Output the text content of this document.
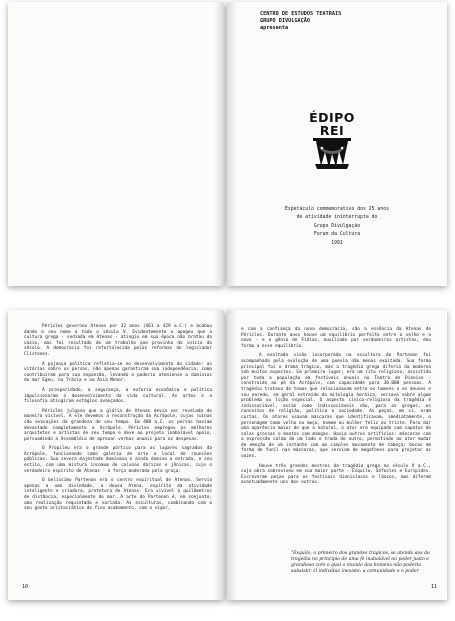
CENTRO DE ESTUDOS TEATRAIS
GRUPO DIVULGAÇÃO
apresenta
ÉDIPO
REI
Espetáculo commemorativo dos 25 anos
de atividade ininterrupta do
Grupo Divulgação
Forum da Cultura
1991

Péricles governou Atenas por 32 anos (461 a 429 a.C.) e acabou dando o seu nome a todo o século V. Evidentemente o apogeu que a cultura grega - sediada em Atenas - atingiu em sua época não brotou do vazio, mas foi resultado de um trabalho que provinha do início do século. A democracia foi refortalecida pelas reformas do legislador Clístenes.

A pujança política refletia-se no desenvolvimento da cidade: as vitórias sobre os persas, não apenas garantiram sua independência, como contribuíram para sua expansão, levando o poderio ateniense a domínios do mar Egeu, na Trácia e na Ásia Menor.

A prosperidade, a segurança, a euforia econômica e política impulsionaram o desenvolvimento da vida cultural. As artes e a filosofia atingiram estágios avançados.

Péricles julgava que a glória de Atenas devia ser revelada de maneira visível. A ele devemos a reconstrução da Acrópole, cujas ruínas são evocações da grandeza de seu tempo. Em 480 a.C. os persas haviam devastado completamente a Acrópole. Péricles empregou os melhores arquitetos e artistas de seu tempo e deve ao projeto inabalável apoio, persuadindo a Assembléia de aprovar verbas anuais para as despesas.

O Propileu era o grande pórtico para os lugares sagrados da Acrópole, funcionando como galeria de arte e local de reuniões públicas. Sua severa majestade dominava e ainda domina a entrada, e seu estilo, com uma mistura incomum de colunas dóricas e jônicas, cujo o verdadeiro espírito de Atenas - a força moderada pela graça.

O belíssimo Partenon era o centro espiritual de Atenas. Servia apenas a uma divindade, a deusa Atena, espírito da atividade inteligente e criadora, protetora de Atenas. Era vivível a quilômetros de distância, especialmente do mar. A arte do Partenon é, em conjunto, uma realização requintada e variada. As esculturas, combinando com o seu gosto aristocrático do fino acabamento, com o vigor,

10

e com a confiança da nova democracia, são a essência da Atenas de Péricles. Durante anos houve um equilíbrio perfeito entre o velho e o novo - e o gênio de Fídias, auxiliado por verdadeiros artistas, deu forma a esse equilíbrio.

A exaltada visão incorporada na escultura do Partenon foi acompanhada pela evolução de uma poesia não menos exaltada. Sua forma principal foi o drama trágico, mas a tragédia grega diferia da moderna sob muitos aspectos. Em primeiro lugar, era um rito religioso, assistido por toda a população em festivais anuais no Teatro de Dioniso - construído ao pé da Acrópole, com capacidade para 30.000 pessoas. A tragédia tratava de temas que relacionavam entre os homens e os deuses e seu enredo, em geral extraído da mitologia heróica, versava sobre algum problema ou lição especial. O aspecto cívico-religioso da tragédia é indissociável, assim como indissociáveis são, para os gregos, os conceitos de religião, política e sociedade. As peças, em si, eram curtas. Os atores usavam máscaras que identificavam, imediatamente, o personagem como velho ou moço, homem ou mulher feliz ou triste. Para dar uma aparência maior do que a natural, o ator era equipado com sapatos de solas grossas e mantos com mangas. Havia outros artifícios: máscaras com a expressão calma de um lado e trada do outro, permitindo ao ator mudar de emoção de um instante com um simples movimento de cabeça; bocas em forma de funil nas máscaras, que serviam de megafones para projetar as vozes.

Houve três grandes mestres da tragédia grega no século V a.C., cuja obra sobreviveu em sua maior parte - Ésquilo, Sófocles e Eurípides. Escreveram peças para os festivais dionisíacos e lâucos, mas diferem acentuadamente uns dos outros.

"Ésquilo, o primeiro dos grandes trágicos, se atendo aos da tragédia no princípio de uma fé inabalável no poder justo e grandioso com o qual o mundo dos homens não poderia subsistir. O indivíduo inexiste: a comunidade e o poder
11
